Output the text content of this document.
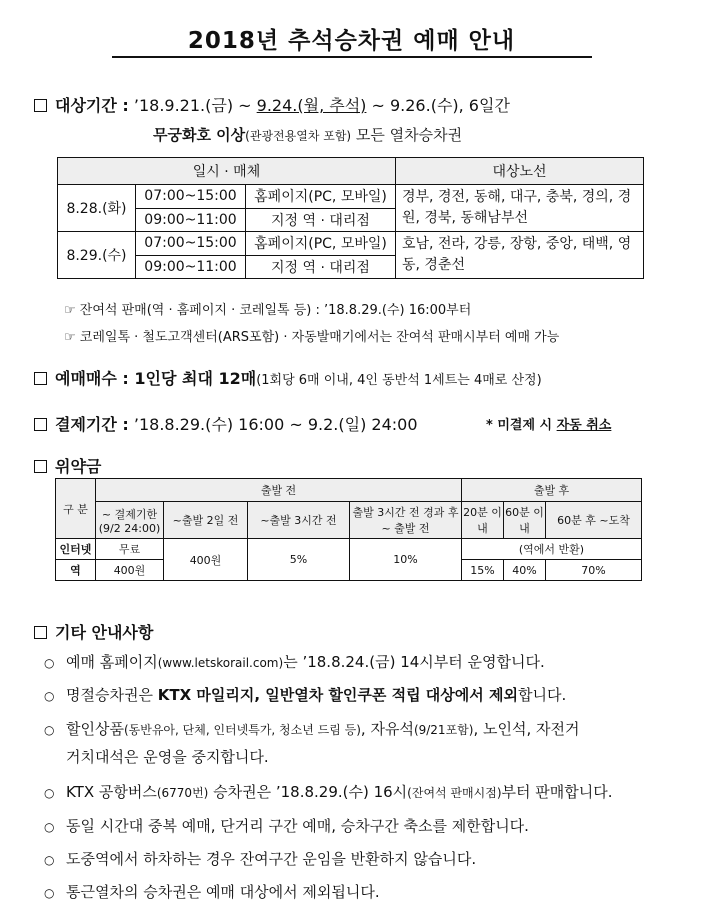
2018년 추석승차권 예매 안내
대상기간 : ’18.9.21.(금) ~ 9.24.(월, 추석) ~ 9.26.(수), 6일간
무궁화호 이상(관광전용열차 포함) 모든 열차승차권
일시 · 매체			대상노선
8.28.(화)	07:00~15:00	홈페이지(PC, 모바일)	경부, 경전, 동해, 대구, 충북, 경의, 경원, 경북, 동해남부선
	09:00~11:00	지정 역 · 대리점	
8.29.(수)	07:00~15:00	홈페이지(PC, 모바일)	호남, 전라, 강릉, 장항, 중앙, 태백, 영동, 경춘선
	09:00~11:00	지정 역 · 대리점	
☞ 잔여석 판매(역 · 홈페이지 · 코레일톡 등) : ’18.8.29.(수) 16:00부터
☞ 코레일톡 · 철도고객센터(ARS포함) · 자동발매기에서는 잔여석 판매시부터 예매 가능
예매매수 : 1인당 최대 12매(1회당 6매 이내, 4인 동반석 1세트는 4매로 산정)
결제기간 : ’18.8.29.(수) 16:00 ~ 9.2.(일) 24:00	* 미결제 시 자동 취소
위약금
구 분	출발 전				출발 후		
	~ 결제기한 (9/2 24:00)	~출발 2일 전	~출발 3시간 전	출발 3시간 전 경과 후 ~ 출발 전	20분 이내	60분 이내	60분 후 ~도착
인터넷	무료	400원	5%	10%	(역에서 반환)		
역	400원				15%	40%	70%
기타 안내사항
○ 예매 홈페이지(www.letskorail.com)는 ’18.8.24.(금) 14시부터 운영합니다.
○ 명절승차권은 KTX 마일리지, 일반열차 할인쿠폰 적립 대상에서 제외합니다.
○ 할인상품(동반유아, 단체, 인터넷특가, 청소년 드림 등), 자유석(9/21포함), 노인석, 자전거
거치대석은 운영을 중지합니다.
○ KTX 공항버스(6770번) 승차권은 ’18.8.29.(수) 16시(잔여석 판매시점)부터 판매합니다.
○ 동일 시간대 중복 예매, 단거리 구간 예매, 승차구간 축소를 제한합니다.
○ 도중역에서 하차하는 경우 잔여구간 운임을 반환하지 않습니다.
○ 통근열차의 승차권은 예매 대상에서 제외됩니다.
